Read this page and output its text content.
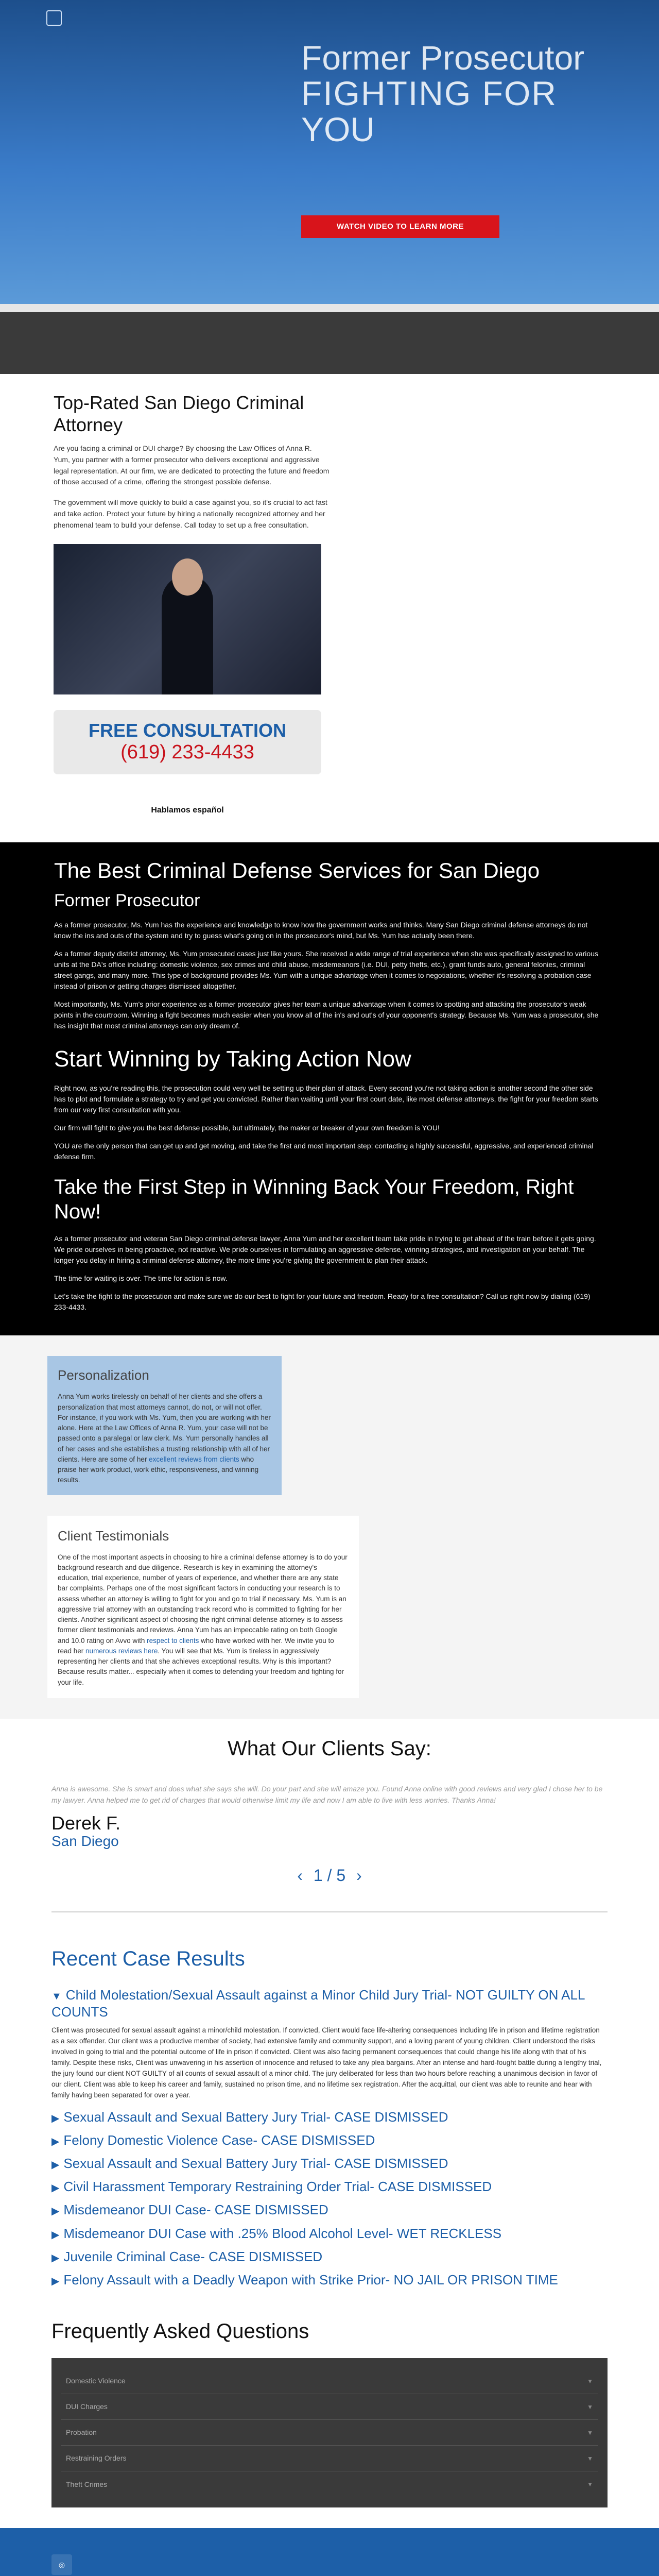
Former Prosecutor
FIGHTING FOR
YOU
WATCH VIDEO TO LEARN MORE
Top-Rated San Diego Criminal Attorney

Are you facing a criminal or DUI charge? By choosing the Law Offices of Anna R. Yum, you partner with a former prosecutor who delivers exceptional and aggressive legal representation. At our firm, we are dedicated to protecting the future and freedom of those accused of a crime, offering the strongest possible defense.

The government will move quickly to build a case against you, so it's crucial to act fast and take action. Protect your future by hiring a nationally recognized attorney and her phenomenal team to build your defense. Call today to set up a free consultation.

FREE CONSULTATION
(619) 233-4433
Hablamos español
The Best Criminal Defense Services for San Diego
Former Prosecutor

As a former prosecutor, Ms. Yum has the experience and knowledge to know how the government works and thinks. Many San Diego criminal defense attorneys do not know the ins and outs of the system and try to guess what's going on in the prosecutor's mind, but Ms. Yum has actually been there.

As a former deputy district attorney, Ms. Yum prosecuted cases just like yours. She received a wide range of trial experience when she was specifically assigned to various units at the DA's office including: domestic violence, sex crimes and child abuse, misdemeanors (i.e. DUI, petty thefts, etc.), grant funds auto, general felonies, criminal street gangs, and many more. This type of background provides Ms. Yum with a unique advantage when it comes to negotiations, whether it's resolving a probation case instead of prison or getting charges dismissed altogether.

Most importantly, Ms. Yum's prior experience as a former prosecutor gives her team a unique advantage when it comes to spotting and attacking the prosecutor's weak points in the courtroom. Winning a fight becomes much easier when you know all of the in's and out's of your opponent's strategy. Because Ms. Yum was a prosecutor, she has insight that most criminal attorneys can only dream of.

Start Winning by Taking Action Now

Right now, as you're reading this, the prosecution could very well be setting up their plan of attack. Every second you're not taking action is another second the other side has to plot and formulate a strategy to try and get you convicted. Rather than waiting until your first court date, like most defense attorneys, the fight for your freedom starts from our very first consultation with you.

Our firm will fight to give you the best defense possible, but ultimately, the maker or breaker of your own freedom is YOU!

YOU are the only person that can get up and get moving, and take the first and most important step: contacting a highly successful, aggressive, and experienced criminal defense firm.

Take the First Step in Winning Back Your Freedom, Right Now!

As a former prosecutor and veteran San Diego criminal defense lawyer, Anna Yum and her excellent team take pride in trying to get ahead of the train before it gets going. We pride ourselves in being proactive, not reactive. We pride ourselves in formulating an aggressive defense, winning strategies, and investigation on your behalf. The longer you delay in hiring a criminal defense attorney, the more time you're giving the government to plan their attack.

The time for waiting is over. The time for action is now.

Let's take the fight to the prosecution and make sure we do our best to fight for your future and freedom. Ready for a free consultation? Call us right now by dialing (619) 233-4433.

Personalization

Anna Yum works tirelessly on behalf of her clients and she offers a personalization that most attorneys cannot, do not, or will not offer. For instance, if you work with Ms. Yum, then you are working with her alone. Here at the Law Offices of Anna R. Yum, your case will not be passed onto a paralegal or law clerk. Ms. Yum personally handles all of her cases and she establishes a trusting relationship with all of her clients. Here are some of her excellent reviews from clients who praise her work product, work ethic, responsiveness, and winning results.

Client Testimonials

One of the most important aspects in choosing to hire a criminal defense attorney is to do your background research and due diligence. Research is key in examining the attorney's education, trial experience, number of years of experience, and whether there are any state bar complaints. Perhaps one of the most significant factors in conducting your research is to assess whether an attorney is willing to fight for you and go to trial if necessary. Ms. Yum is an aggressive trial attorney with an outstanding track record who is committed to fighting for her clients. Another significant aspect of choosing the right criminal defense attorney is to assess former client testimonials and reviews. Anna Yum has an impeccable rating on both Google and 10.0 rating on Avvo with respect to clients who have worked with her. We invite you to read her numerous reviews here. You will see that Ms. Yum is tireless in aggressively representing her clients and that she achieves exceptional results. Why is this important? Because results matter... especially when it comes to defending your freedom and fighting for your life.

What Our Clients Say:
Anna is awesome. She is smart and does what she says she will. Do your part and she will amaze you. Found Anna online with good reviews and very glad I chose her to be my lawyer. Anna helped me to get rid of charges that would otherwise limit my life and now I am able to live with less worries. Thanks Anna!
Derek F.
San Diego
‹ 1 / 5 ›
Recent Case Results
▼ Child Molestation/Sexual Assault against a Minor Child Jury Trial- NOT GUILTY ON ALL COUNTS

Client was prosecuted for sexual assault against a minor/child molestation. If convicted, Client would face life-altering consequences including life in prison and lifetime registration as a sex offender. Our client was a productive member of society, had extensive family and community support, and a loving parent of young children. Client understood the risks involved in going to trial and the potential outcome of life in prison if convicted. Client was also facing permanent consequences that could change his life along with that of his family. Despite these risks, Client was unwavering in his assertion of innocence and refused to take any plea bargains. After an intense and hard-fought battle during a lengthy trial, the jury found our client NOT GUILTY of all counts of sexual assault of a minor child. The jury deliberated for less than two hours before reaching a unanimous decision in favor of our client. Client was able to keep his career and family, sustained no prison time, and no lifetime sex registration. After the acquittal, our client was able to reunite and hear with family having been separated for over a year.

▶ Sexual Assault and Sexual Battery Jury Trial- CASE DISMISSED
▶ Felony Domestic Violence Case- CASE DISMISSED
▶ Sexual Assault and Sexual Battery Jury Trial- CASE DISMISSED
▶ Civil Harassment Temporary Restraining Order Trial- CASE DISMISSED
▶ Misdemeanor DUI Case- CASE DISMISSED
▶ Misdemeanor DUI Case with .25% Blood Alcohol Level- WET RECKLESS
▶ Juvenile Criminal Case- CASE DISMISSED
▶ Felony Assault with a Deadly Weapon with Strike Prior- NO JAIL OR PRISON TIME
Frequently Asked Questions
Domestic Violence	▼
DUI Charges	▼
Probation	▼
Restraining Orders	▼
Theft Crimes	▼
◎
